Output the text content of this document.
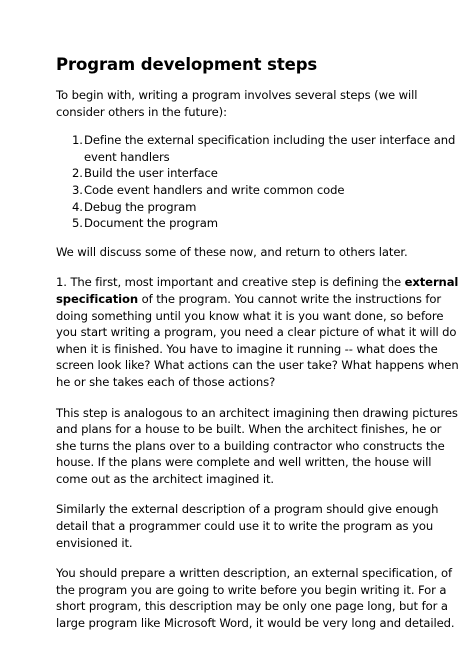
Program development steps

To begin with, writing a program involves several steps (we will consider others in the future):

1. Define the external specification including the user interface and event handlers
2. Build the user interface
3. Code event handlers and write common code
4. Debug the program
5. Document the program

We will discuss some of these now, and return to others later.

1. The first, most important and creative step is defining the external specification of the program. You cannot write the instructions for doing something until you know what it is you want done, so before you start writing a program, you need a clear picture of what it will do when it is finished. You have to imagine it running -- what does the screen look like? What actions can the user take? What happens when he or she takes each of those actions?

This step is analogous to an architect imagining then drawing pictures and plans for a house to be built. When the architect finishes, he or she turns the plans over to a building contractor who constructs the house. If the plans were complete and well written, the house will come out as the architect imagined it.

Similarly the external description of a program should give enough detail that a programmer could use it to write the program as you envisioned it.

You should prepare a written description, an external specification, of the program you are going to write before you begin writing it. For a short program, this description may be only one page long, but for a large program like Microsoft Word, it would be very long and detailed.
